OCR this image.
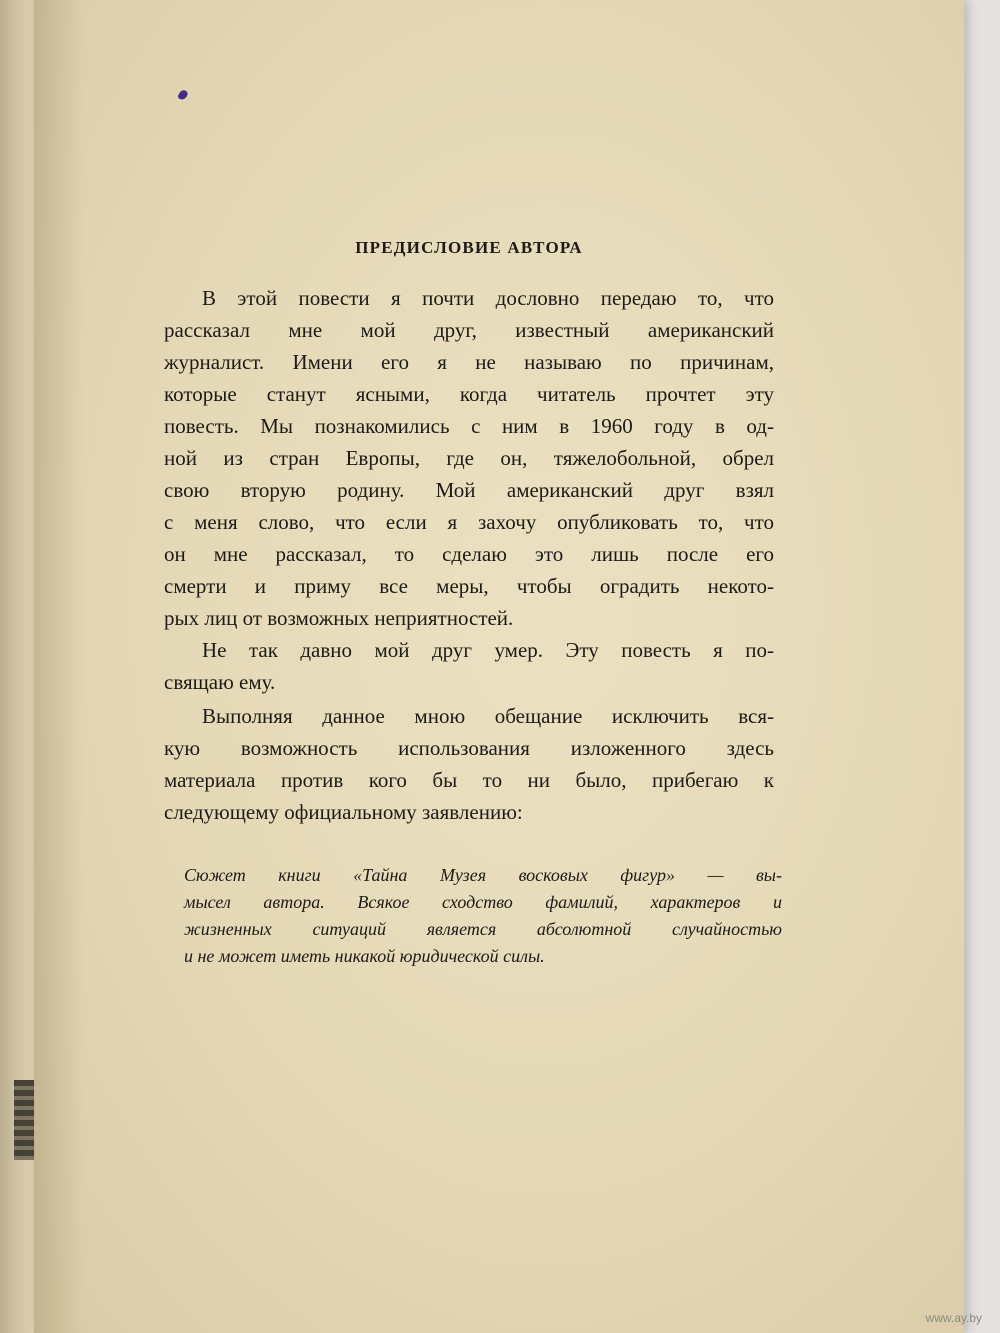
ПРЕДИСЛОВИЕ АВТОРА
В этой повести я почти дословно передаю то, что
рассказал мне мой друг, известный американский
журналист. Имени его я не называю по причинам,
которые станут ясными, когда читатель прочтет эту
повесть. Мы познакомились с ним в 1960 году в од-
ной из стран Европы, где он, тяжелобольной, обрел
свою вторую родину. Мой американский друг взял
с меня слово, что если я захочу опубликовать то, что
он мне рассказал, то сделаю это лишь после его
смерти и приму все меры, чтобы оградить некото-
рых лиц от возможных неприятностей.
Не так давно мой друг умер. Эту повесть я по-
свящаю ему.
Выполняя данное мною обещание исключить вся-
кую возможность использования изложенного здесь
материала против кого бы то ни было, прибегаю к
следующему официальному заявлению:
Сюжет книги «Тайна Музея восковых фигур» — вы-
мысел автора. Всякое сходство фамилий, характеров и
жизненных ситуаций является абсолютной случайностью
и не может иметь никакой юридической силы.
www.ay.by
